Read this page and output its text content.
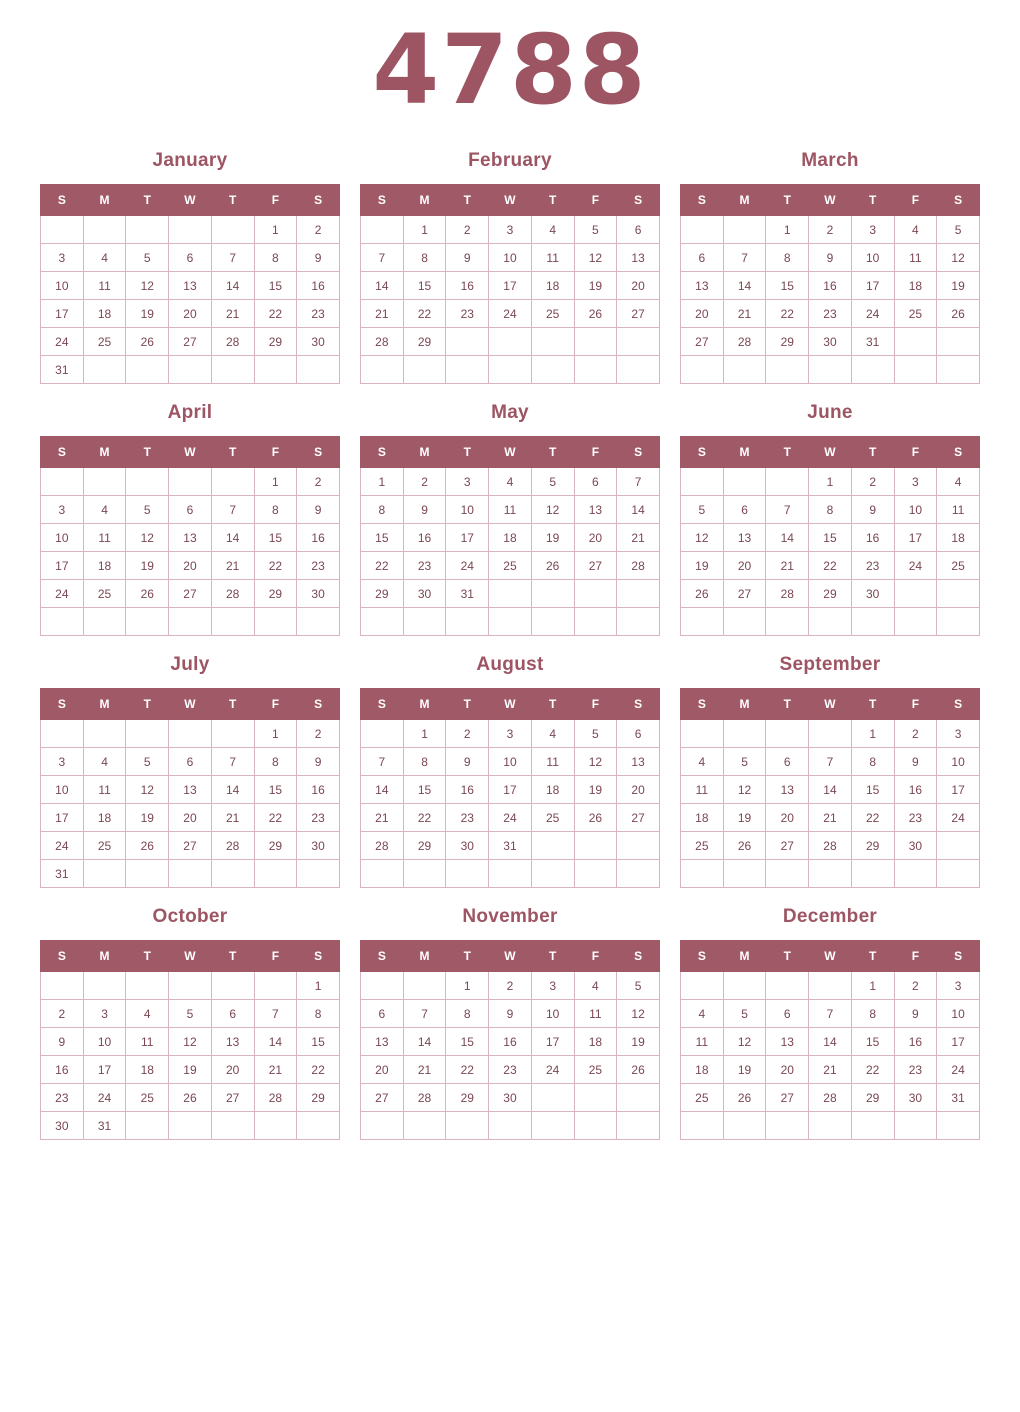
4788
January
S	M	T	W	T	F	S
					1	2
3	4	5	6	7	8	9
10	11	12	13	14	15	16
17	18	19	20	21	22	23
24	25	26	27	28	29	30
31						
February
S	M	T	W	T	F	S
	1	2	3	4	5	6
7	8	9	10	11	12	13
14	15	16	17	18	19	20
21	22	23	24	25	26	27
28	29					

March
S	M	T	W	T	F	S
		1	2	3	4	5
6	7	8	9	10	11	12
13	14	15	16	17	18	19
20	21	22	23	24	25	26
27	28	29	30	31		

April
S	M	T	W	T	F	S
					1	2
3	4	5	6	7	8	9
10	11	12	13	14	15	16
17	18	19	20	21	22	23
24	25	26	27	28	29	30

May
S	M	T	W	T	F	S
1	2	3	4	5	6	7
8	9	10	11	12	13	14
15	16	17	18	19	20	21
22	23	24	25	26	27	28
29	30	31				

June
S	M	T	W	T	F	S
			1	2	3	4
5	6	7	8	9	10	11
12	13	14	15	16	17	18
19	20	21	22	23	24	25
26	27	28	29	30		

July
S	M	T	W	T	F	S
					1	2
3	4	5	6	7	8	9
10	11	12	13	14	15	16
17	18	19	20	21	22	23
24	25	26	27	28	29	30
31						
August
S	M	T	W	T	F	S
	1	2	3	4	5	6
7	8	9	10	11	12	13
14	15	16	17	18	19	20
21	22	23	24	25	26	27
28	29	30	31			

September
S	M	T	W	T	F	S
				1	2	3
4	5	6	7	8	9	10
11	12	13	14	15	16	17
18	19	20	21	22	23	24
25	26	27	28	29	30	

October
S	M	T	W	T	F	S
						1
2	3	4	5	6	7	8
9	10	11	12	13	14	15
16	17	18	19	20	21	22
23	24	25	26	27	28	29
30	31					
November
S	M	T	W	T	F	S
		1	2	3	4	5
6	7	8	9	10	11	12
13	14	15	16	17	18	19
20	21	22	23	24	25	26
27	28	29	30			

December
S	M	T	W	T	F	S
				1	2	3
4	5	6	7	8	9	10
11	12	13	14	15	16	17
18	19	20	21	22	23	24
25	26	27	28	29	30	31
